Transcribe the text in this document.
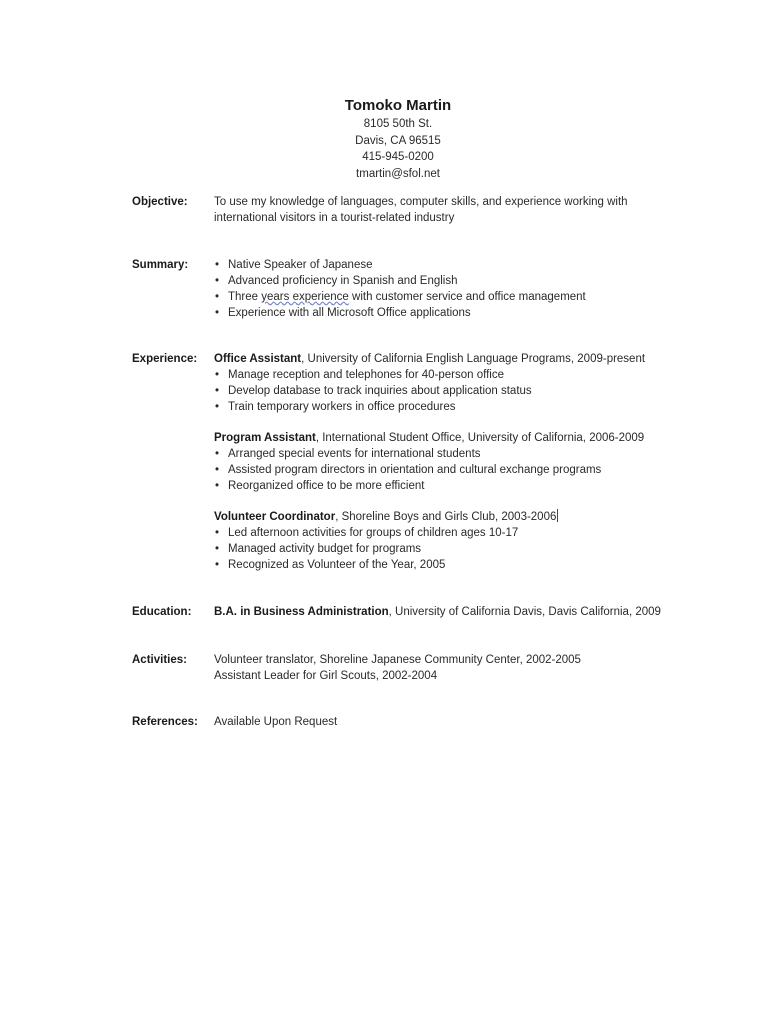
Tomoko Martin
8105 50th St.
Davis, CA 96515
415-945-0200
tmartin@sfol.net
Objective: To use my knowledge of languages, computer skills, and experience working with

international visitors in a tourist-related industry

Summary: • Native Speaker of Japanese
• Advanced proficiency in Spanish and English
• Three years experience with customer service and office management
• Experience with all Microsoft Office applications
Experience: Office Assistant, University of California English Language Programs, 2009-present

• Manage reception and telephones for 40-person office
• Develop database to track inquiries about application status
• Train temporary workers in office procedures

Program Assistant, International Student Office, University of California, 2006-2009

• Arranged special events for international students
• Assisted program directors in orientation and cultural exchange programs
• Reorganized office to be more efficient

Volunteer Coordinator, Shoreline Boys and Girls Club, 2003-2006

• Led afternoon activities for groups of children ages 10-17
• Managed activity budget for programs
• Recognized as Volunteer of the Year, 2005
Education: B.A. in Business Administration, University of California Davis, Davis California, 2009

Activities: Volunteer translator, Shoreline Japanese Community Center, 2002-2005

Assistant Leader for Girl Scouts, 2002-2004

References: Available Upon Request
